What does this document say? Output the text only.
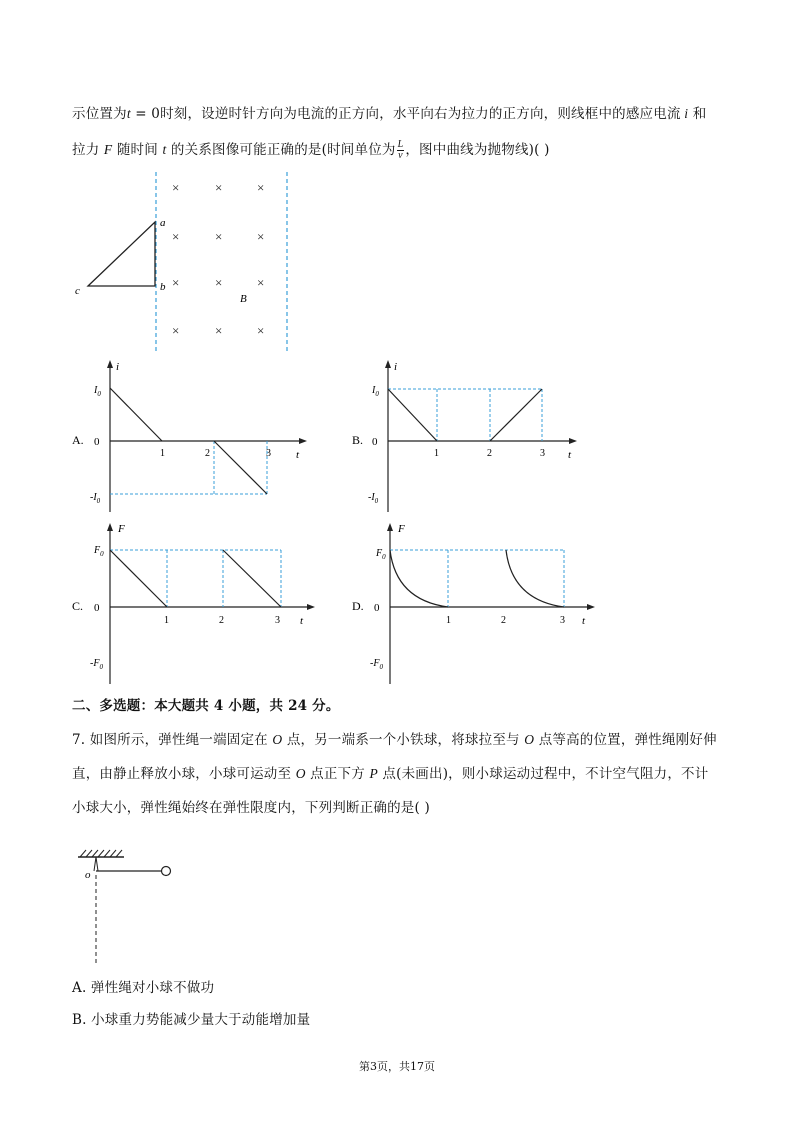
示位置为t = 0时刻，设逆时针方向为电流的正方向，水平向右为拉力的正方向，则线框中的感应电流 i 和
拉力 F 随时间 t 的关系图像可能正确的是(时间单位为 $\frac{L}{v}$ ，图中曲线为抛物线)( )
a
b
c
B
×	×	×
×	×	×
×	×	×
×	×	×
A.
i
t
$I_0$
$-I_0$
0
1	2	3
B.
i
t
$I_0$
$-I_0$
0
1	2	3
C.
F
t
$F_0$
$-F_0$
0
1	2	3
D.
F
t
$F_0$
$-F_0$
0
1	2	3
二、多选题：本大题共 4 小题，共 24 分。
7. 如图所示，弹性绳一端固定在 O 点，另一端系一个小铁球，将球拉至与 O 点等高的位置，弹性绳刚好伸
直，由静止释放小球，小球可运动至 O 点正下方 P 点(未画出)，则小球运动过程中，不计空气阻力，不计
小球大小，弹性绳始终在弹性限度内，下列判断正确的是( )
o
A. 弹性绳对小球不做功
B. 小球重力势能减少量大于动能增加量
第3页，共17页
